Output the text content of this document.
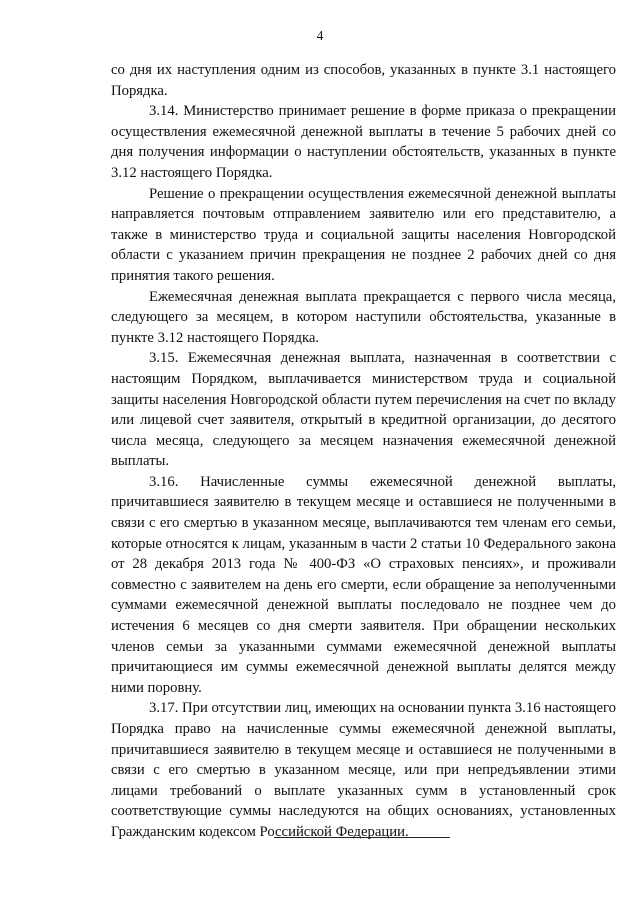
4

со дня их наступления одним из способов, указанных в пункте 3.1 настоящего Порядка.

3.14. Министерство принимает решение в форме приказа о прекращении осуществления ежемесячной денежной выплаты в течение 5 рабочих дней со дня получения информации о наступлении обстоятельств, указанных в пункте 3.12 настоящего Порядка.

Решение о прекращении осуществления ежемесячной денежной выплаты направляется почтовым отправлением заявителю или его представителю, а также в министерство труда и социальной защиты населения Новгородской области с указанием причин прекращения не позднее 2 рабочих дней со дня принятия такого решения.

Ежемесячная денежная выплата прекращается с первого числа месяца, следующего за месяцем, в котором наступили обстоятельства, указанные в пункте 3.12 настоящего Порядка.

3.15. Ежемесячная денежная выплата, назначенная в соответствии с настоящим Порядком, выплачивается министерством труда и социальной защиты населения Новгородской области путем перечисления на счет по вкладу или лицевой счет заявителя, открытый в кредитной организации, до десятого числа месяца, следующего за месяцем назначения ежемесячной денежной выплаты.

3.16. Начисленные суммы ежемесячной денежной выплаты, причитавшиеся заявителю в текущем месяце и оставшиеся не полученными в связи с его смертью в указанном месяце, выплачиваются тем членам его семьи, которые относятся к лицам, указанным в части 2 статьи 10 Федерального закона от 28 декабря 2013 года № 400-ФЗ «О страховых пенсиях», и проживали совместно с заявителем на день его смерти, если обращение за неполученными суммами ежемесячной денежной выплаты последовало не позднее чем до истечения 6 месяцев со дня смерти заявителя. При обращении нескольких членов семьи за указанными суммами ежемесячной денежной выплаты причитающиеся им суммы ежемесячной денежной выплаты делятся между ними поровну.

3.17. При отсутствии лиц, имеющих на основании пункта 3.16 настоящего Порядка право на начисленные суммы ежемесячной денежной выплаты, причитавшиеся заявителю в текущем месяце и оставшиеся не полученными в связи с его смертью в указанном месяце, или при непредъявлении этими лицами требований о выплате указанных сумм в установленный срок соответствующие суммы наследуются на общих основаниях, установленных Гражданским кодексом Российской Федерации.
